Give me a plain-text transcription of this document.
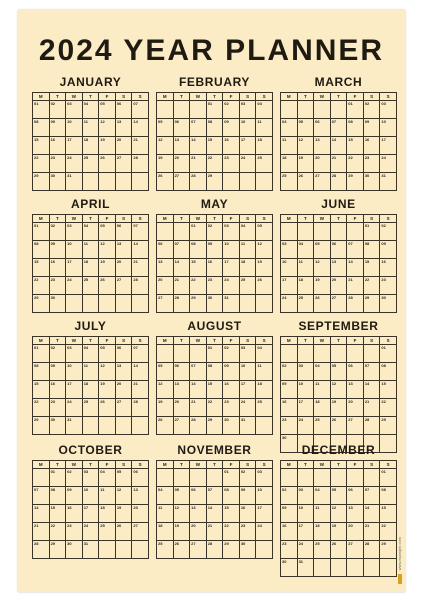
2024 YEAR PLANNER
JANUARY
M	T	W	T	F	S	S
01	02	03	04	05	06	07
08	09	10	11	12	13	14
15	16	17	18	19	20	21
22	23	24	25	26	27	28
29	30	31				
FEBRUARY
M	T	W	T	F	S	S
			01	02	03	04
05	06	07	08	09	10	11
12	13	14	15	16	17	18
19	20	21	22	23	24	25
26	27	28	29			
MARCH
M	T	W	T	F	S	S
				01	02	03
04	05	06	07	08	09	10
11	12	13	14	15	16	17
18	19	20	21	22	23	24
25	26	27	28	29	30	31
APRIL
M	T	W	T	F	S	S
01	02	03	04	05	06	07
08	09	10	11	12	13	14
15	16	17	18	19	20	21
22	23	24	25	26	27	28
29	30					
MAY
M	T	W	T	F	S	S
		01	02	03	04	05
06	07	08	09	10	11	12
13	14	15	16	17	18	19
20	21	22	23	24	25	26
27	28	29	30	31		
JUNE
M	T	W	T	F	S	S
					01	02
03	04	05	06	07	08	09
10	11	12	13	14	15	16
17	18	19	20	21	22	23
24	25	26	27	28	29	30
JULY
M	T	W	T	F	S	S
01	02	03	04	05	06	07
08	09	10	11	12	13	14
15	16	17	18	19	20	21
22	23	24	25	26	27	28
29	30	31				
AUGUST
M	T	W	T	F	S	S
			01	02	03	04
05	06	07	08	09	10	11
12	13	14	15	16	17	18
19	20	21	22	23	24	25
26	27	28	29	30	31	
SEPTEMBER
M	T	W	T	F	S	S
						01
02	03	04	05	06	07	08
09	10	11	12	13	14	15
16	17	18	19	20	21	22
23	24	25	26	27	28	29
30						
OCTOBER
M	T	W	T	F	S	S
	01	02	03	04	05	06
07	08	09	10	11	12	13
14	15	16	17	18	19	20
21	22	23	24	25	26	27
28	29	30	31			
NOVEMBER
M	T	W	T	F	S	S
				01	02	03
04	05	06	07	08	09	10
11	12	13	14	15	16	17
18	19	20	21	22	23	24
25	26	27	28	29	30	
DECEMBER
M	T	W	T	F	S	S
						01
02	03	04	05	06	07	08
09	10	11	12	13	14	15
16	17	18	19	20	21	22
23	24	25	26	27	28	29
30	31						www.example.com
